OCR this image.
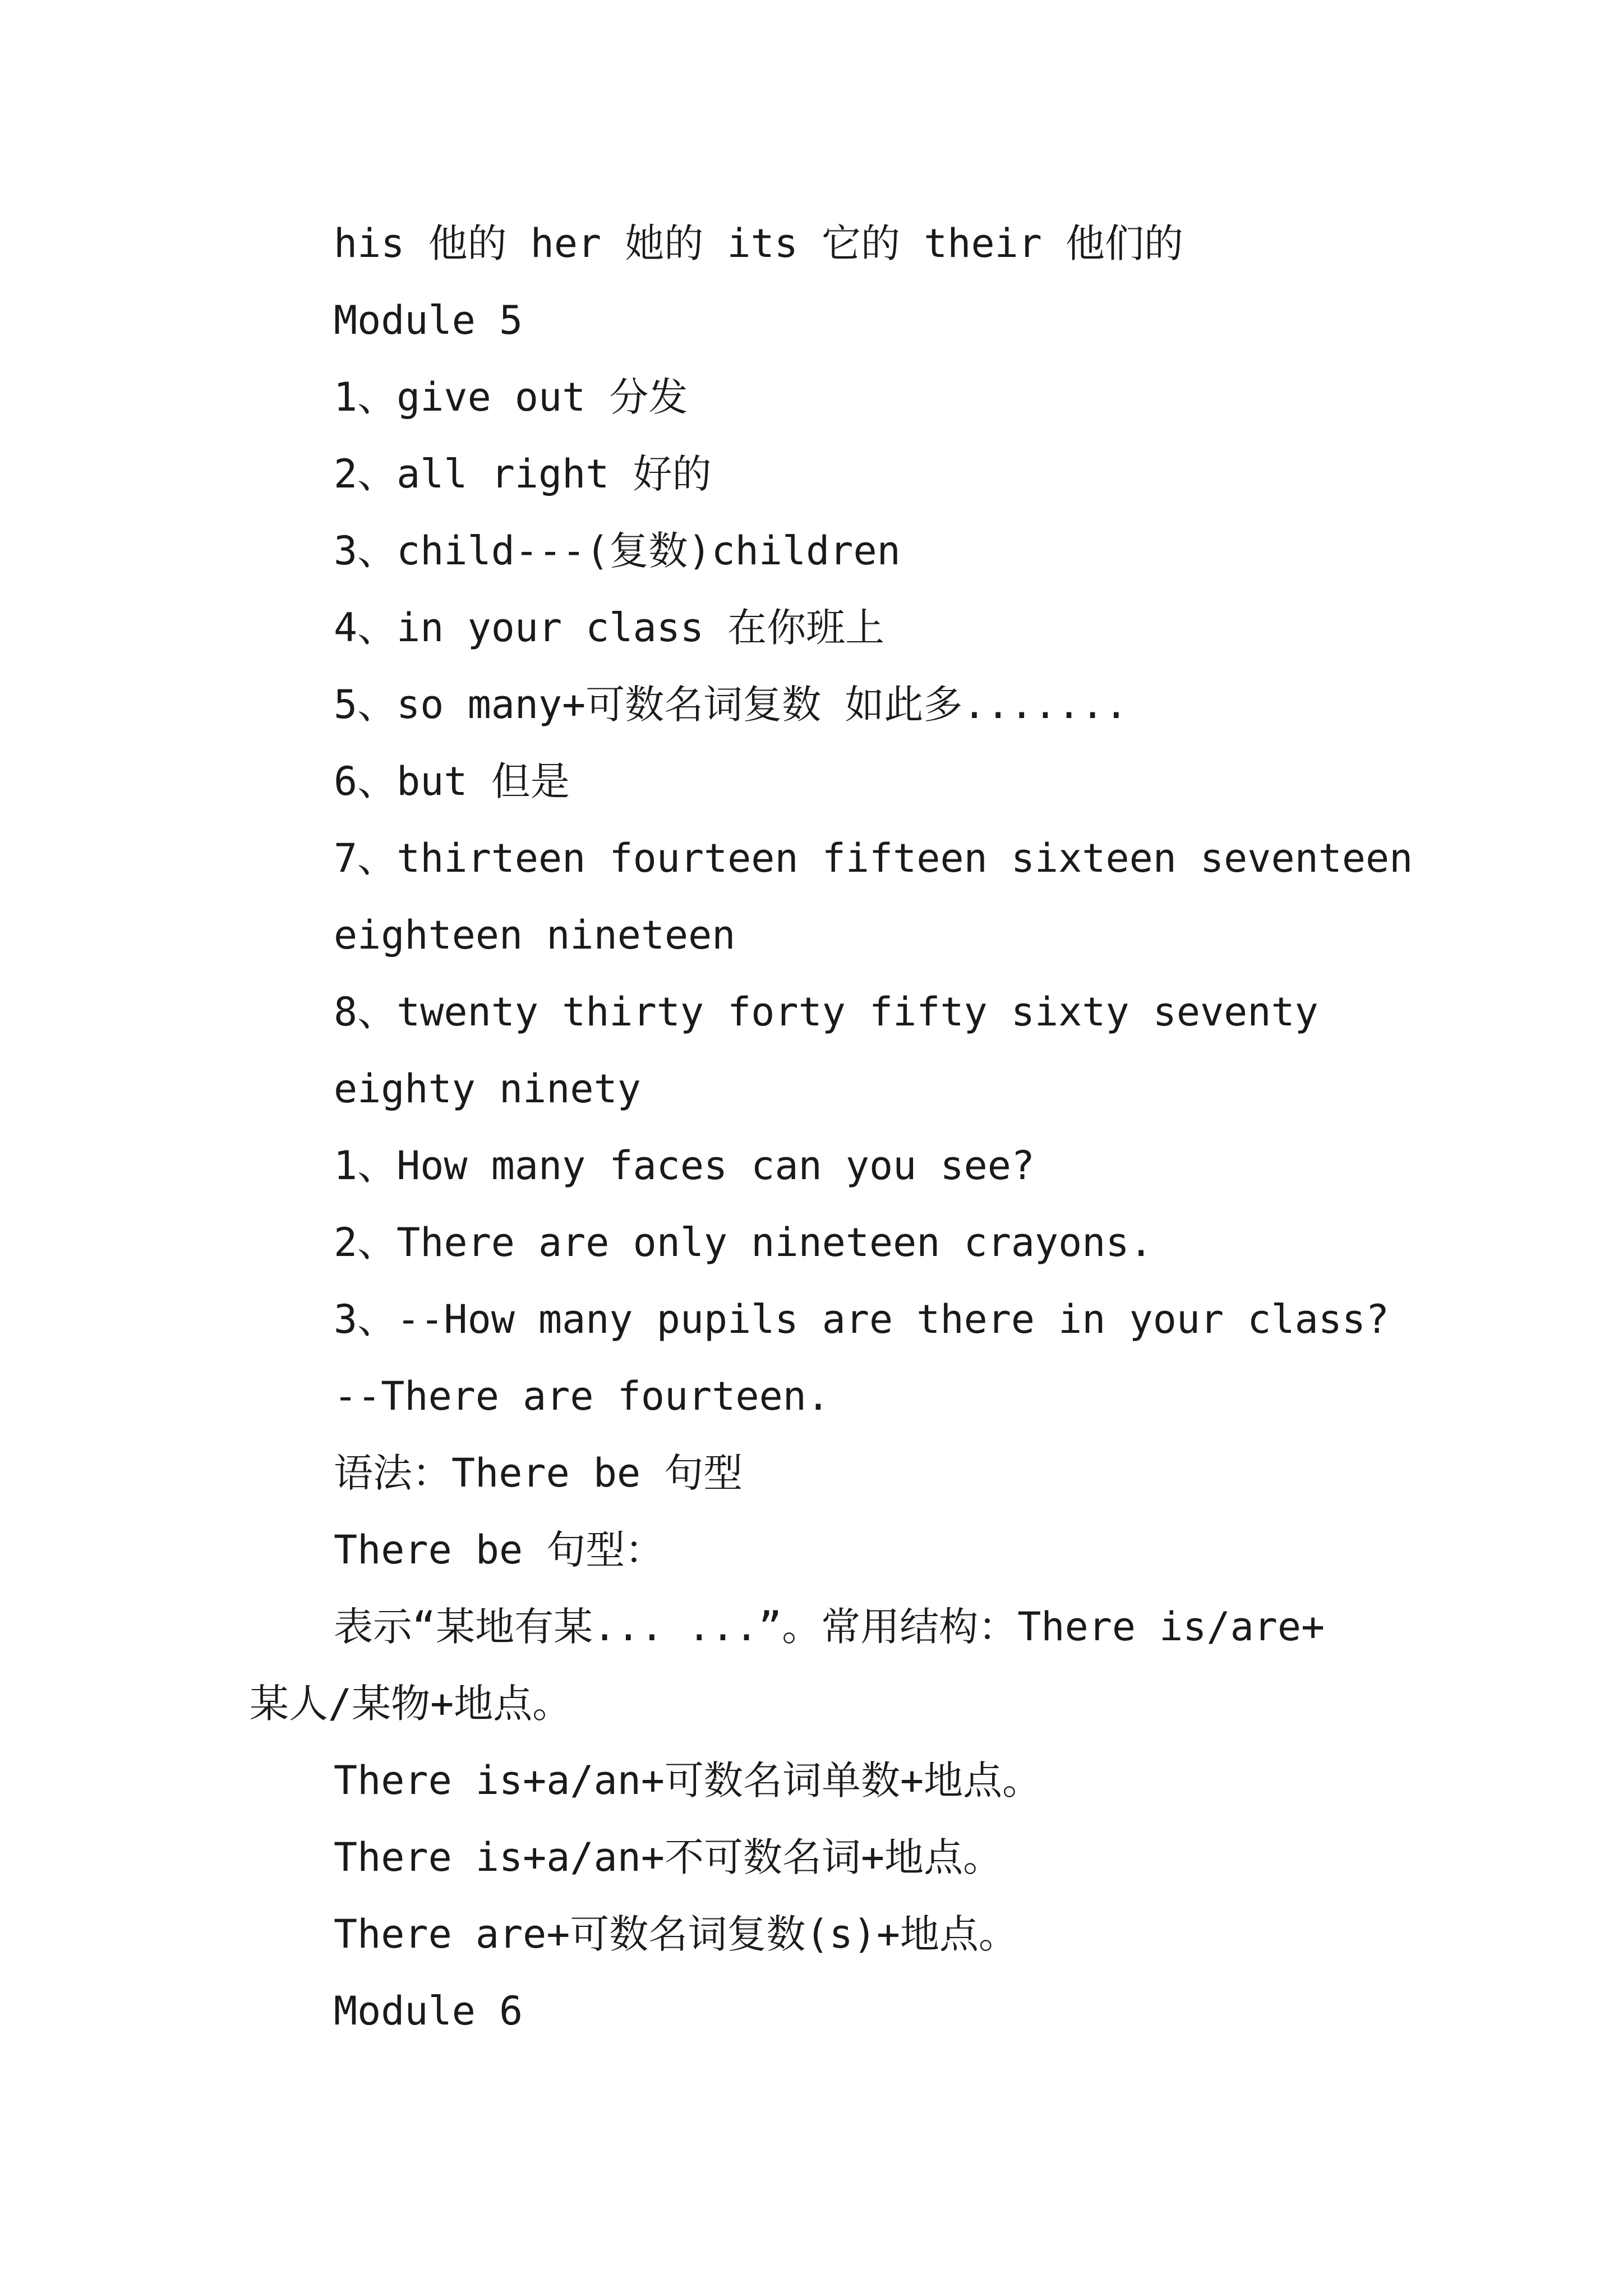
his 他的 her 她的 its 它的 their 他们的
Module 5
1、give out 分发
2、all right 好的
3、child---(复数)children
4、in your class 在你班上
5、so many+可数名词复数 如此多.......
6、but 但是
7、thirteen fourteen fifteen sixteen seventeen
eighteen nineteen
8、twenty thirty forty fifty sixty seventy
eighty ninety
1、How many faces can you see?
2、There are only nineteen crayons.
3、--How many pupils are there in your class?
--There are fourteen.
语法：There be 句型
There be 句型：
表示“某地有某... ...”。常用结构：There is/are+
某人/某物+地点。
There is+a/an+可数名词单数+地点。
There is+a/an+不可数名词+地点。
There are+可数名词复数(s)+地点。
Module 6
